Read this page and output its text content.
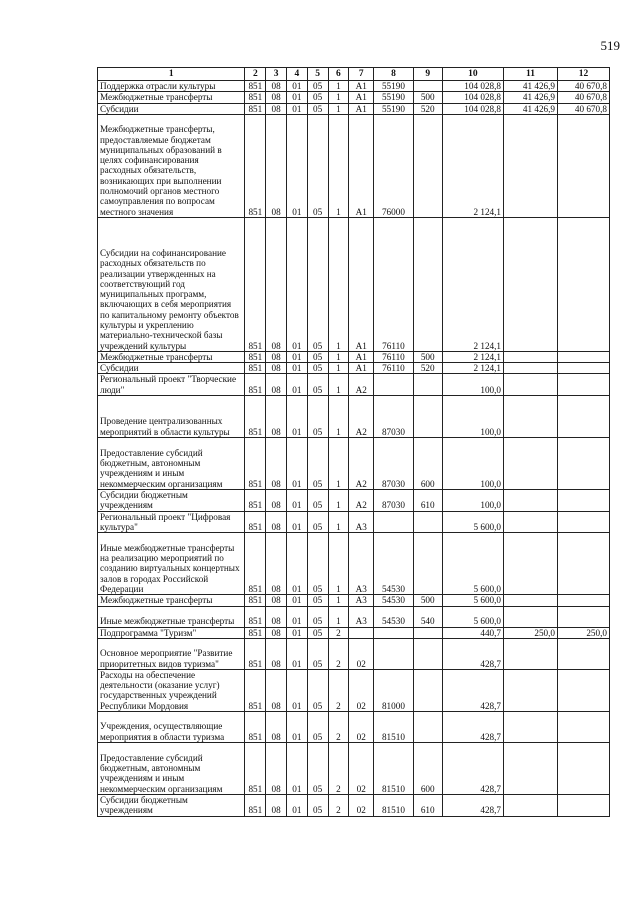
519
1	2	3	4	5	6	7	8	9	10	11	12
Поддержка отрасли культуры	851	08	01	05	1	A1	55190		104 028,8	41 426,9	40 670,8
Межбюджетные трансферты	851	08	01	05	1	A1	55190	500	104 028,8	41 426,9	40 670,8
Субсидии	851	08	01	05	1	A1	55190	520	104 028,8	41 426,9	40 670,8
Межбюджетные трансферты, предоставляемые бюджетам муниципальных образований в целях софинансирования расходных обязательств, возникающих при выполнении полномочий органов местного самоуправления по вопросам местного значения	851	08	01	05	1	A1	76000		2 124,1		
Субсидии на софинансирование расходных обязательств по реализации утвержденных на соответствующий год муниципальных программ, включающих в себя мероприятия по капитальному ремонту объектов культуры и укреплению материально-технической базы учреждений культуры	851	08	01	05	1	A1	76110		2 124,1		
Межбюджетные трансферты	851	08	01	05	1	A1	76110	500	2 124,1		
Субсидии	851	08	01	05	1	A1	76110	520	2 124,1		
Региональный проект "Творческие люди"	851	08	01	05	1	A2			100,0		
Проведение централизованных мероприятий в области культуры	851	08	01	05	1	A2	87030		100,0		
Предоставление субсидий бюджетным, автономным учреждениям и иным некоммерческим организациям	851	08	01	05	1	A2	87030	600	100,0		
Субсидии бюджетным учреждениям	851	08	01	05	1	A2	87030	610	100,0		
Региональный проект "Цифровая культура"	851	08	01	05	1	A3			5 600,0		
Иные межбюджетные трансферты на реализацию мероприятий по созданию виртуальных концертных залов в городах Российской Федерации	851	08	01	05	1	A3	54530		5 600,0		
Межбюджетные трансферты	851	08	01	05	1	A3	54530	500	5 600,0		
Иные межбюджетные трансферты	851	08	01	05	1	A3	54530	540	5 600,0		
Подпрограмма "Туризм"	851	08	01	05	2				440,7	250,0	250,0
Основное мероприятие "Развитие приоритетных видов туризма"	851	08	01	05	2	02			428,7		
Расходы на обеспечение деятельности (оказание услуг) государственных учреждений Республики Мордовия	851	08	01	05	2	02	81000		428,7		
Учреждения, осуществляющие мероприятия в области туризма	851	08	01	05	2	02	81510		428,7		
Предоставление субсидий бюджетным, автономным учреждениям и иным некоммерческим организациям	851	08	01	05	2	02	81510	600	428,7		
Субсидии бюджетным учреждениям	851	08	01	05	2	02	81510	610	428,7		
